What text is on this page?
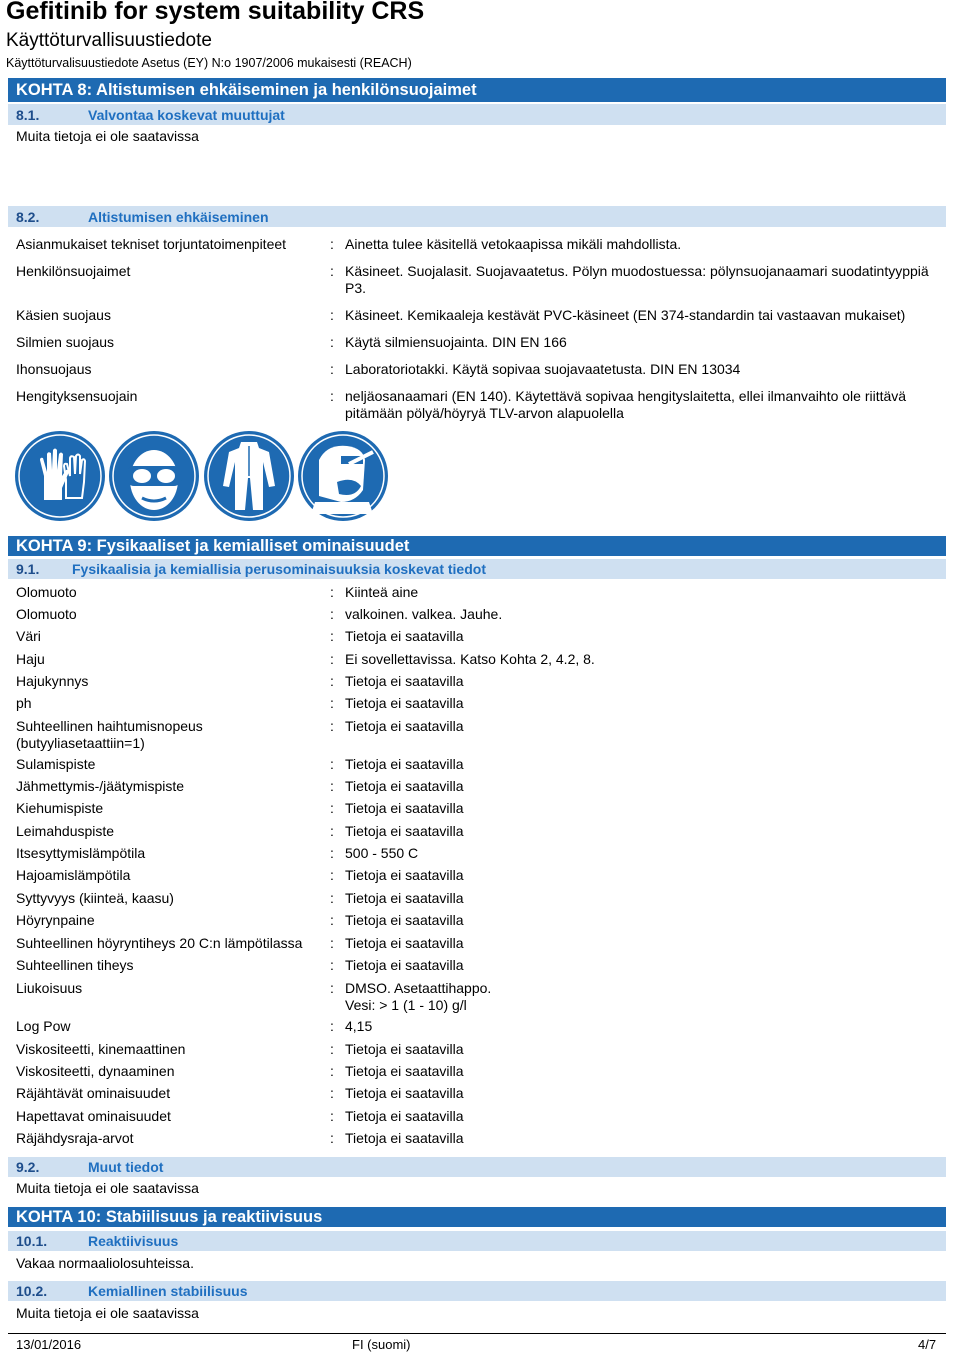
Gefitinib for system suitability CRS
Käyttöturvallisuustiedote
Käyttöturvalisuustiedote Asetus (EY) N:o 1907/2006 mukaisesti (REACH)
KOHTA 8: Altistumisen ehkäiseminen ja henkilönsuojaimet
8.1.	Valvontaa koskevat muuttujat
Muita tietoja ei ole saatavissa
8.2.	Altistumisen ehkäiseminen
Asianmukaiset tekniset torjuntatoimenpiteet	: Ainetta tulee käsitellä vetokaapissa mikäli mahdollista.
Henkilönsuojaimet	: Käsineet. Suojalasit. Suojavaatetus. Pölyn muodostuessa: pölynsuojanaamari suodatintyyppiä P3.
Käsien suojaus	: Käsineet. Kemikaaleja kestävät PVC-käsineet (EN 374-standardin tai vastaavan mukaiset)
Silmien suojaus	: Käytä silmiensuojainta. DIN EN 166
Ihonsuojaus	: Laboratoriotakki. Käytä sopivaa suojavaatetusta. DIN EN 13034
Hengityksensuojain	: neljäosanaamari (EN 140). Käytettävä sopivaa hengityslaitetta, ellei ilmanvaihto ole riittävä pitämään pölyä/höyryä TLV-arvon alapuolella
KOHTA 9: Fysikaaliset ja kemialliset ominaisuudet
9.1. Fysikaalisia ja kemiallisia perusominaisuuksia koskevat tiedot
Olomuoto	: Kiinteä aine
Olomuoto	: valkoinen. valkea. Jauhe.
Väri	: Tietoja ei saatavilla
Haju	: Ei sovellettavissa. Katso Kohta 2, 4.2, 8.
Hajukynnys	: Tietoja ei saatavilla
ph	: Tietoja ei saatavilla
Suhteellinen haihtumisnopeus (butyyliasetaattiin=1)
: Tietoja ei saatavilla
Sulamispiste	: Tietoja ei saatavilla
Jähmettymis-/jäätymispiste	: Tietoja ei saatavilla
Kiehumispiste	: Tietoja ei saatavilla
Leimahduspiste	: Tietoja ei saatavilla
Itsesyttymislämpötila	: 500 - 550 C
Hajoamislämpötila	: Tietoja ei saatavilla
Syttyvyys (kiinteä, kaasu)	: Tietoja ei saatavilla
Höyrynpaine	: Tietoja ei saatavilla
Suhteellinen höyryntiheys 20 C:n lämpötilassa	: Tietoja ei saatavilla
Suhteellinen tiheys	: Tietoja ei saatavilla
Liukoisuus	: DMSO. Asetaattihappo.
Vesi: > 1 (1 - 10) g/l
Log Pow	: 4,15
Viskositeetti, kinemaattinen	: Tietoja ei saatavilla
Viskositeetti, dynaaminen	: Tietoja ei saatavilla
Räjähtävät ominaisuudet	: Tietoja ei saatavilla
Hapettavat ominaisuudet	: Tietoja ei saatavilla
Räjähdysraja-arvot	: Tietoja ei saatavilla
9.2.	Muut tiedot
Muita tietoja ei ole saatavissa
KOHTA 10: Stabiilisuus ja reaktiivisuus
10.1.	Reaktiivisuus
Vakaa normaaliolosuhteissa.
10.2.	Kemiallinen stabiilisuus
Muita tietoja ei ole saatavissa
13/01/2016	FI (suomi)	4/7
